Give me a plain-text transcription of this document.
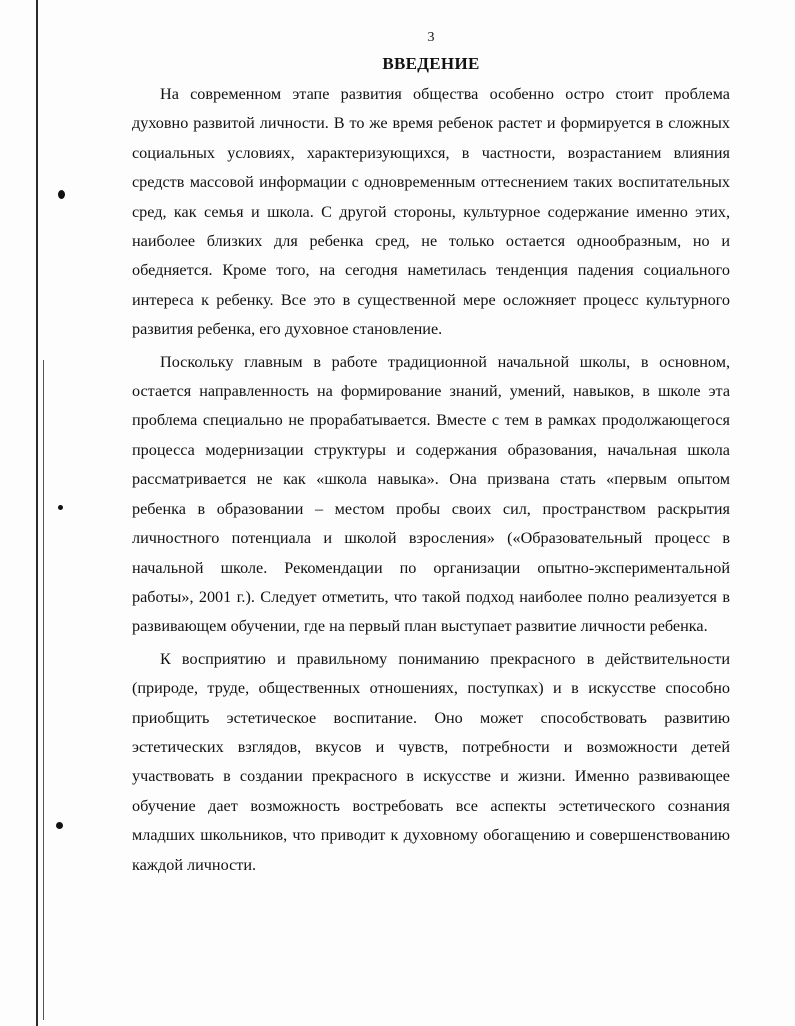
3
ВВЕДЕНИЕ

На современном этапе развития общества особенно остро стоит проблема духовно развитой личности. В то же время ребенок растет и формируется в сложных социальных условиях, характеризующихся, в частности, возрастанием влияния средств массовой информации с одновременным оттеснением таких воспитательных сред, как семья и школа. С другой стороны, культурное содержание именно этих, наиболее близких для ребенка сред, не только остается однообразным, но и обедняется. Кроме того, на сегодня наметилась тенденция падения социального интереса к ребенку. Все это в существенной мере осложняет процесс культурного развития ребенка, его духовное становление.

Поскольку главным в работе традиционной начальной школы, в основном, остается направленность на формирование знаний, умений, навыков, в школе эта проблема специально не прорабатывается. Вместе с тем в рамках продолжающегося процесса модернизации структуры и содержания образования, начальная школа рассматривается не как «школа навыка». Она призвана стать «первым опытом ребенка в образовании – местом пробы своих сил, пространством раскрытия личностного потенциала и школой взросления» («Образовательный процесс в начальной школе. Рекомендации по организации опытно-экспериментальной работы», 2001 г.). Следует отметить, что такой подход наиболее полно реализуется в развивающем обучении, где на первый план выступает развитие личности ребенка.

К восприятию и правильному пониманию прекрасного в действительности (природе, труде, общественных отношениях, поступках) и в искусстве способно приобщить эстетическое воспитание. Оно может способствовать развитию эстетических взглядов, вкусов и чувств, потребности и возможности детей участвовать в создании прекрасного в искусстве и жизни. Именно развивающее обучение дает возможность востребовать все аспекты эстетического сознания младших школьников, что приводит к духовному обогащению и совершенствованию каждой личности.
